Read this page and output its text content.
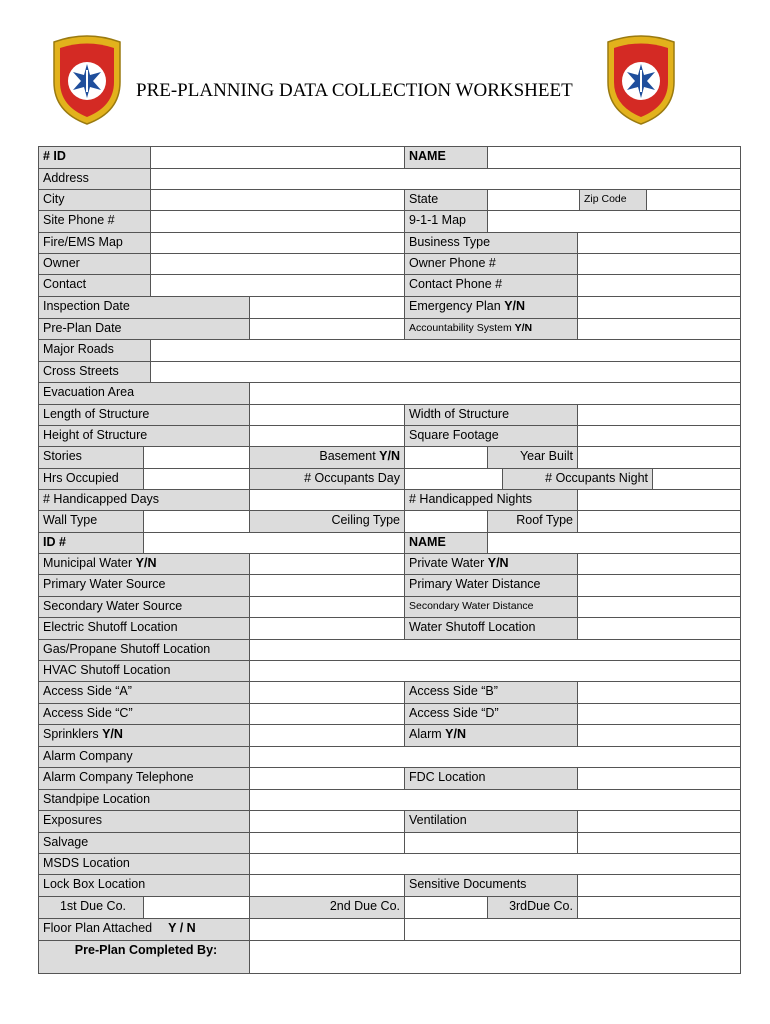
PRE-PLANNING DATA COLLECTION WORKSHEET
# ID	NAME
Address
City	State	Zip Code
Site Phone #	9-1-1 Map
Fire/EMS Map	Business Type
Owner	Owner Phone #
Contact	Contact Phone #
Inspection Date	Emergency Plan Y/N
Pre-Plan Date	Accountability System Y/N
Major Roads
Cross Streets
Evacuation Area
Length of Structure	Width of Structure
Height of Structure	Square Footage
Stories	Basement Y/N	Year Built
Hrs Occupied	# Occupants Day	# Occupants Night
# Handicapped Days	# Handicapped Nights
Wall Type	Ceiling Type	Roof Type
ID #	NAME
Municipal Water Y/N	Private Water Y/N
Primary Water Source	Primary Water Distance
Secondary Water Source	Secondary Water Distance
Electric Shutoff Location	Water Shutoff Location
Gas/Propane Shutoff Location
HVAC Shutoff Location
Access Side “A”	Access Side “B”
Access Side “C”	Access Side “D”
Sprinklers Y/N	Alarm Y/N
Alarm Company
Alarm Company Telephone	FDC Location
Standpipe Location
Exposures	Ventilation
Salvage
MSDS Location
Lock Box Location	Sensitive Documents
1st Due Co.	2nd Due Co.	3rdDue Co.
Floor Plan Attached Y / N
Pre-Plan Completed By:
